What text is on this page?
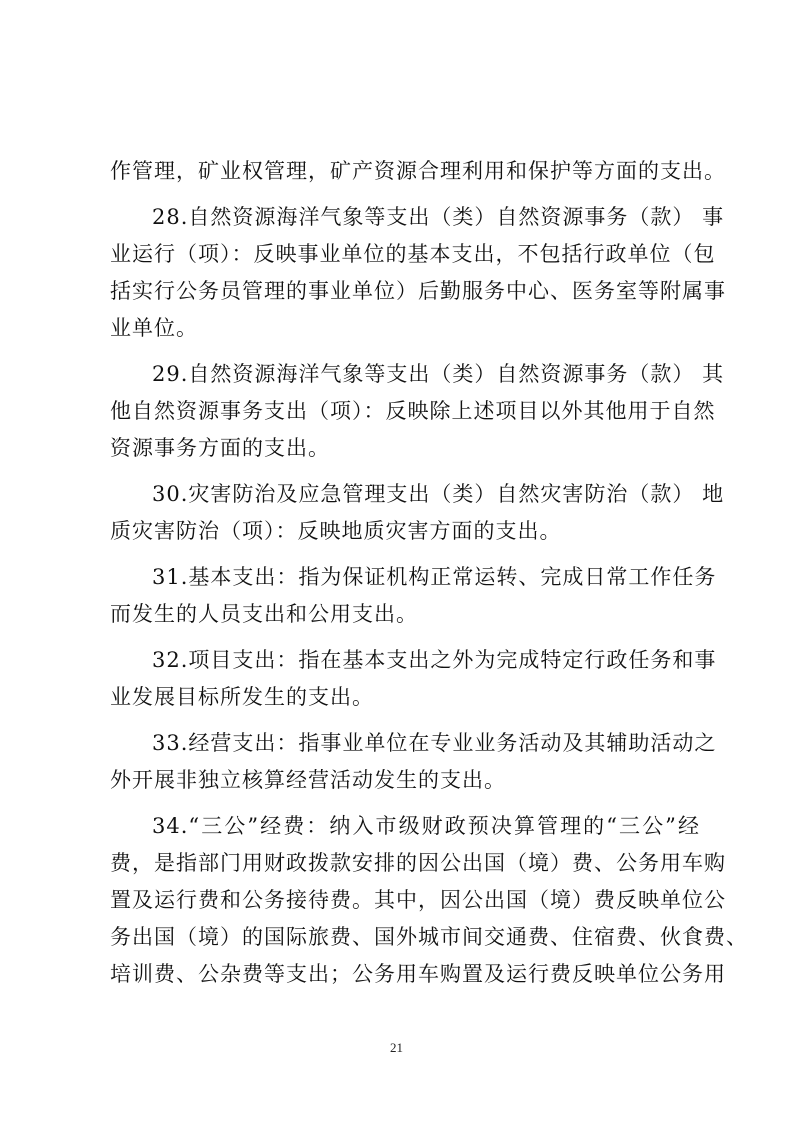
作管理，矿业权管理，矿产资源合理利用和保护等方面的支出。
28.自然资源海洋气象等支出（类）自然资源事务（款） 事
业运行（项）：反映事业单位的基本支出，不包括行政单位（包
括实行公务员管理的事业单位）后勤服务中心、医务室等附属事
业单位。
29.自然资源海洋气象等支出（类）自然资源事务（款） 其
他自然资源事务支出（项）：反映除上述项目以外其他用于自然
资源事务方面的支出。
30.灾害防治及应急管理支出（类）自然灾害防治（款） 地
质灾害防治（项）：反映地质灾害方面的支出。
31.基本支出：指为保证机构正常运转、完成日常工作任务
而发生的人员支出和公用支出。
32.项目支出：指在基本支出之外为完成特定行政任务和事
业发展目标所发生的支出。
33.经营支出：指事业单位在专业业务活动及其辅助活动之
外开展非独立核算经营活动发生的支出。
34.“三公”经费：纳入市级财政预决算管理的“三公”经
费，是指部门用财政拨款安排的因公出国（境）费、公务用车购
置及运行费和公务接待费。其中，因公出国（境）费反映单位公
务出国（境）的国际旅费、国外城市间交通费、住宿费、伙食费、
培训费、公杂费等支出；公务用车购置及运行费反映单位公务用
21
